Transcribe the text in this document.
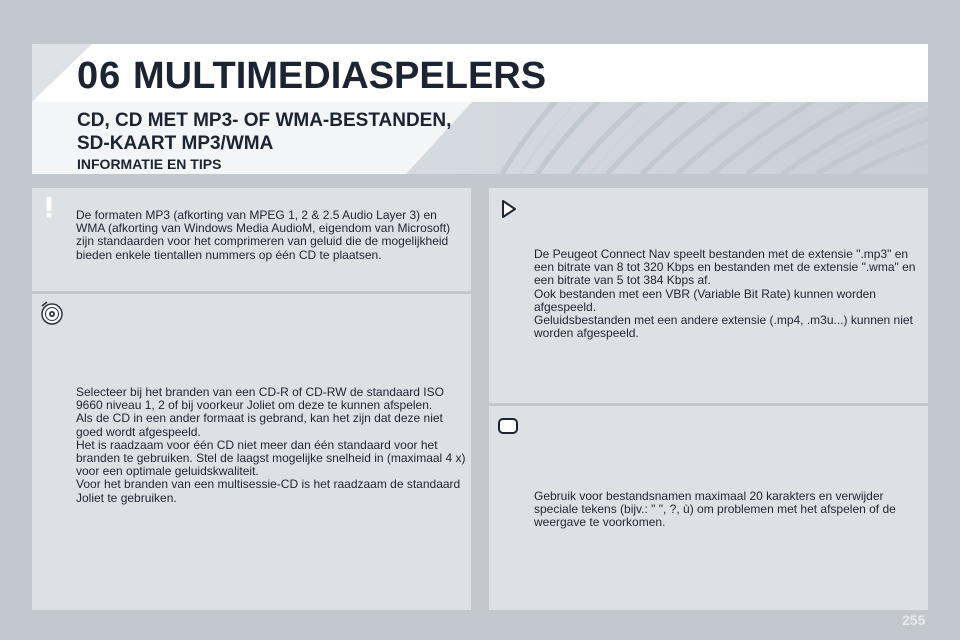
06 MULTIMEDIASPELERS
CD, CD MET MP3- OF WMA-BESTANDEN,
SD-KAART MP3/WMA
INFORMATIE EN TIPS

De formaten MP3 (afkorting van MPEG 1, 2 & 2.5 Audio Layer 3) en WMA (afkorting van Windows Media AudioM, eigendom van Microsoft) zijn standaarden voor het comprimeren van geluid die de mogelijkheid bieden enkele tientallen nummers op één CD te plaatsen.

Selecteer bij het branden van een CD-R of CD-RW de standaard ISO 9660 niveau 1, 2 of bij voorkeur Joliet om deze te kunnen afspelen.

Als de CD in een ander formaat is gebrand, kan het zijn dat deze niet goed wordt afgespeeld.

Het is raadzaam voor één CD niet meer dan één standaard voor het branden te gebruiken. Stel de laagst mogelijke snelheid in (maximaal 4 x) voor een optimale geluidskwaliteit.

Voor het branden van een multisessie-CD is het raadzaam de standaard Joliet te gebruiken.

De Peugeot Connect Nav speelt bestanden met de extensie ".mp3" en een bitrate van 8 tot 320 Kbps en bestanden met de extensie ".wma" en een bitrate van 5 tot 384 Kbps af.

Ook bestanden met een VBR (Variable Bit Rate) kunnen worden afgespeeld.

Geluidsbestanden met een andere extensie (.mp4, .m3u...) kunnen niet worden afgespeeld.

Gebruik voor bestandsnamen maximaal 20 karakters en verwijder speciale tekens (bijv.: " ", ?, ù) om problemen met het afspelen of de weergave te voorkomen.

255
